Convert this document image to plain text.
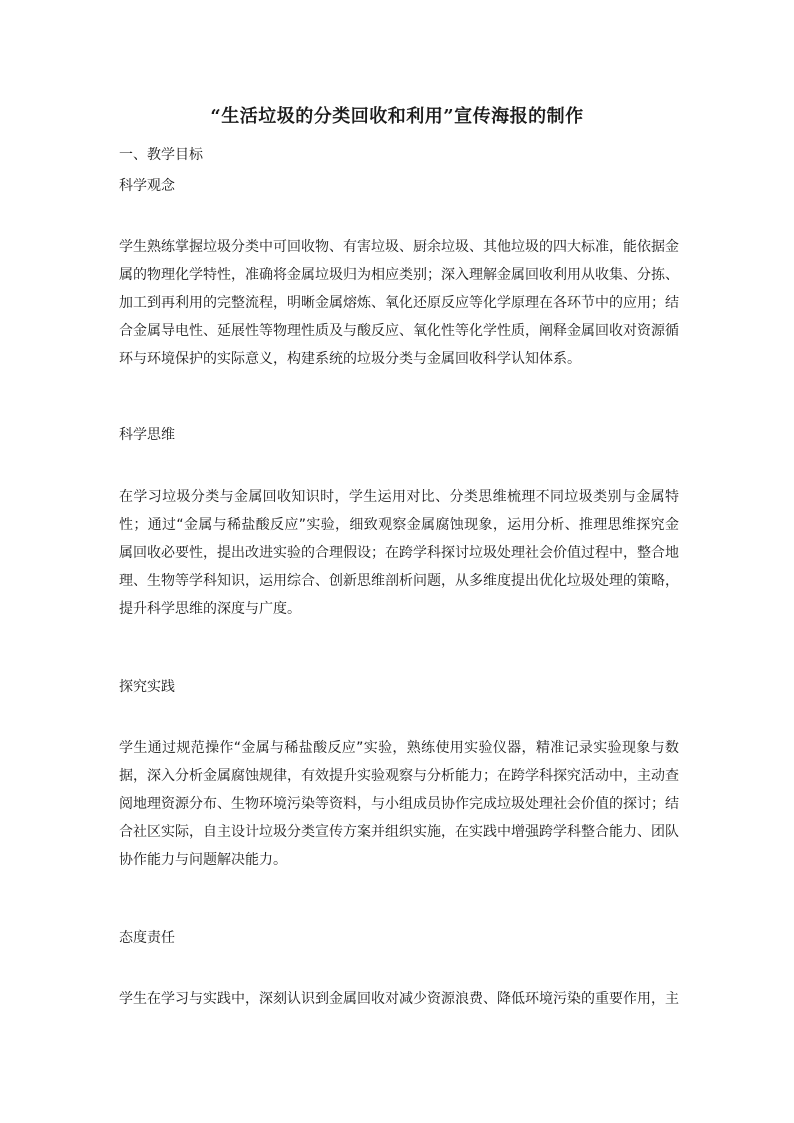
“生活垃圾的分类回收和利用”宣传海报的制作
一、教学目标
科学观念

学生熟练掌握垃圾分类中可回收物、有害垃圾、厨余垃圾、其他垃圾的四大标准，能依据金属的物理化学特性，准确将金属垃圾归为相应类别；深入理解金属回收利用从收集、分拣、加工到再利用的完整流程，明晰金属熔炼、氧化还原反应等化学原理在各环节中的应用；结合金属导电性、延展性等物理性质及与酸反应、氧化性等化学性质，阐释金属回收对资源循环与环境保护的实际意义，构建系统的垃圾分类与金属回收科学认知体系。

科学思维

在学习垃圾分类与金属回收知识时，学生运用对比、分类思维梳理不同垃圾类别与金属特性；通过“金属与稀盐酸反应”实验，细致观察金属腐蚀现象，运用分析、推理思维探究金属回收必要性，提出改进实验的合理假设；在跨学科探讨垃圾处理社会价值过程中，整合地理、生物等学科知识，运用综合、创新思维剖析问题，从多维度提出优化垃圾处理的策略，提升科学思维的深度与广度。

探究实践

学生通过规范操作“金属与稀盐酸反应”实验，熟练使用实验仪器，精准记录实验现象与数据，深入分析金属腐蚀规律，有效提升实验观察与分析能力；在跨学科探究活动中，主动查阅地理资源分布、生物环境污染等资料，与小组成员协作完成垃圾处理社会价值的探讨；结合社区实际，自主设计垃圾分类宣传方案并组织实施，在实践中增强跨学科整合能力、团队协作能力与问题解决能力。

态度责任

学生在学习与实践中，深刻认识到金属回收对减少资源浪费、降低环境污染的重要作用，主
